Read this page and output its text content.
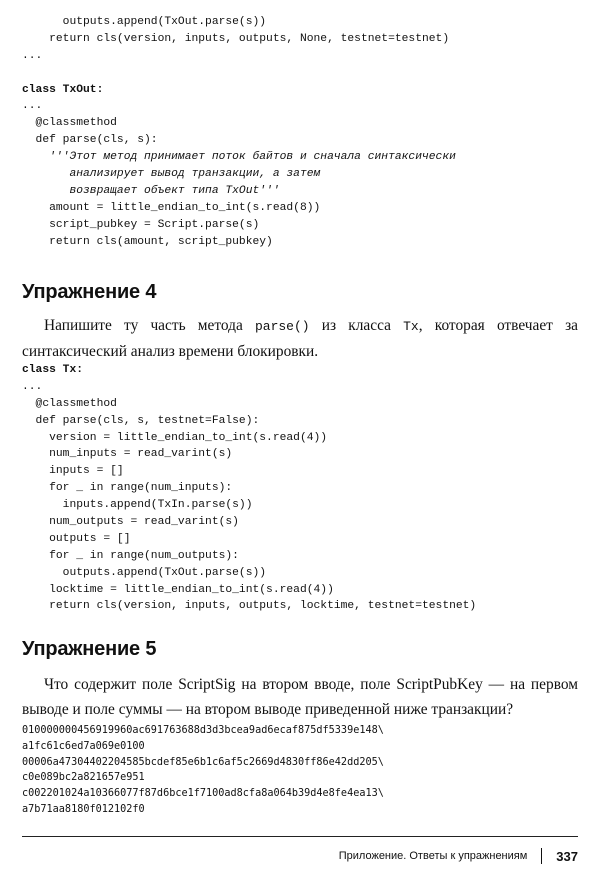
outputs.append(TxOut.parse(s))
return cls(version, inputs, outputs, None, testnet=testnet)
...
class TxOut:
...
@classmethod
def parse(cls, s):
'''Этот метод принимает поток байтов и сначала синтаксически
анализирует вывод транзакции, а затем
возвращает объект типа TxOut'''
amount = little_endian_to_int(s.read(8))
script_pubkey = Script.parse(s)
return cls(amount, script_pubkey)
Упражнение 4

Напишите ту часть метода parse() из класса Tx, которая отвечает за синтаксический анализ времени блокировки.

class Tx:
...
@classmethod
def parse(cls, s, testnet=False):
version = little_endian_to_int(s.read(4))
num_inputs = read_varint(s)
inputs = []
for _ in range(num_inputs):
inputs.append(TxIn.parse(s))
num_outputs = read_varint(s)
outputs = []
for _ in range(num_outputs):
outputs.append(TxOut.parse(s))
locktime = little_endian_to_int(s.read(4))
return cls(version, inputs, outputs, locktime, testnet=testnet)
Упражнение 5

Что содержит поле ScriptSig на втором вводе, поле ScriptPubKey — на первом выводе и поле суммы — на втором выводе приведенной ниже транзакции?

010000000456919960ac691763688d3d3bcea9ad6ecaf875df5339e148\
a1fc61c6ed7a069e0100
00006a47304402204585bcdef85e6b1c6af5c2669d4830ff86e42dd205\
c0e089bc2a821657e951
c002201024a10366077f87d6bce1f7100ad8cfa8a064b39d4e8fe4ea13\
a7b71aa8180f012102f0
Приложение. Ответы к упражнениям 337
